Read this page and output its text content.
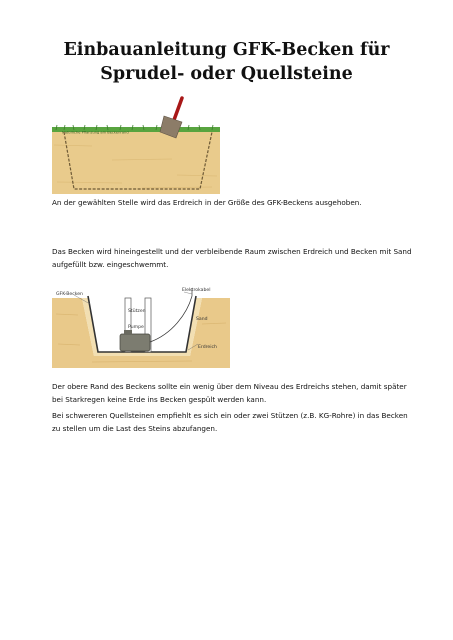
Einbauanleitung GFK-Becken für
Sprudel- oder Quellsteine
Natürliche Pflanzung am Beckenrand

An der gewählten Stelle wird das Erdreich in der Größe des GFK-Beckens ausgehoben.

Das Becken wird hineingestellt und der verbleibende Raum zwischen Erdreich und Becken mit Sand aufgefüllt bzw. eingeschwemmt.

GFK-Becken
Elektrokabel
Stützen
Sand
Pumpe
Erdreich

Der obere Rand des Beckens sollte ein wenig über dem Niveau des Erdreichs stehen, damit später bei Starkregen keine Erde ins Becken gespült werden kann.

Bei schwereren Quellsteinen empfiehlt es sich ein oder zwei Stützen (z.B. KG-Rohre) in das Becken zu stellen um die Last des Steins abzufangen.
